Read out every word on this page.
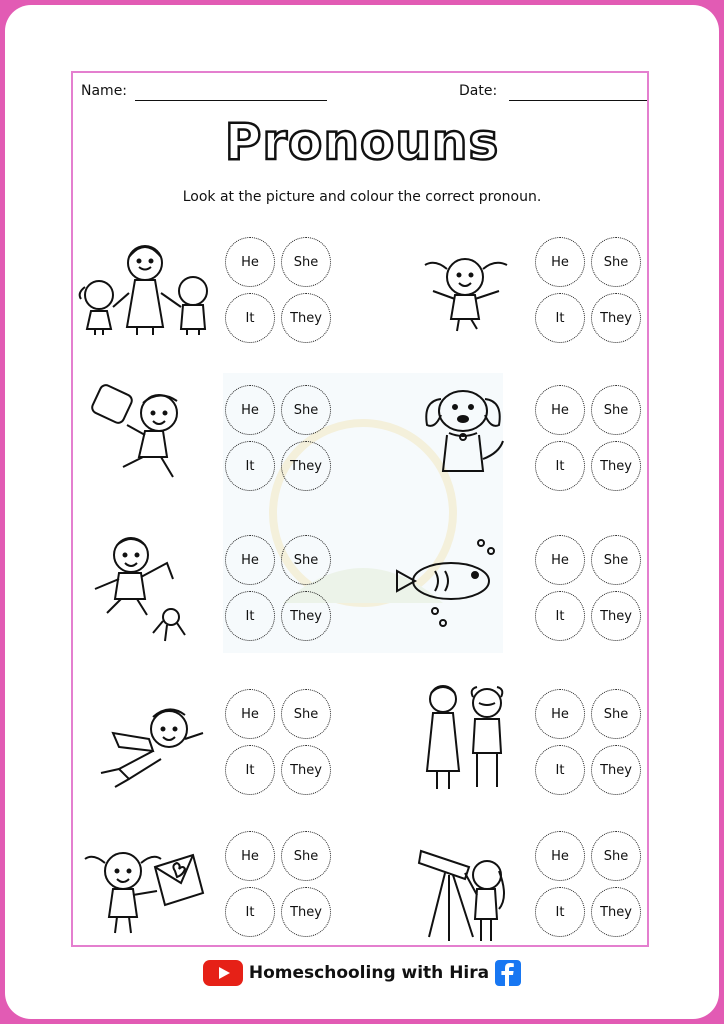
Name:	Date:
Pronouns
Look at the picture and colour the correct pronoun.
He	She
It	They
He	She
It	They
He	She
It	They
He	She
It	They
He	She
It	They
He	She
It	They
He	She
It	They
He	She
It	They
He	She
It	They
He	She
It	They
Homeschooling with Hira
